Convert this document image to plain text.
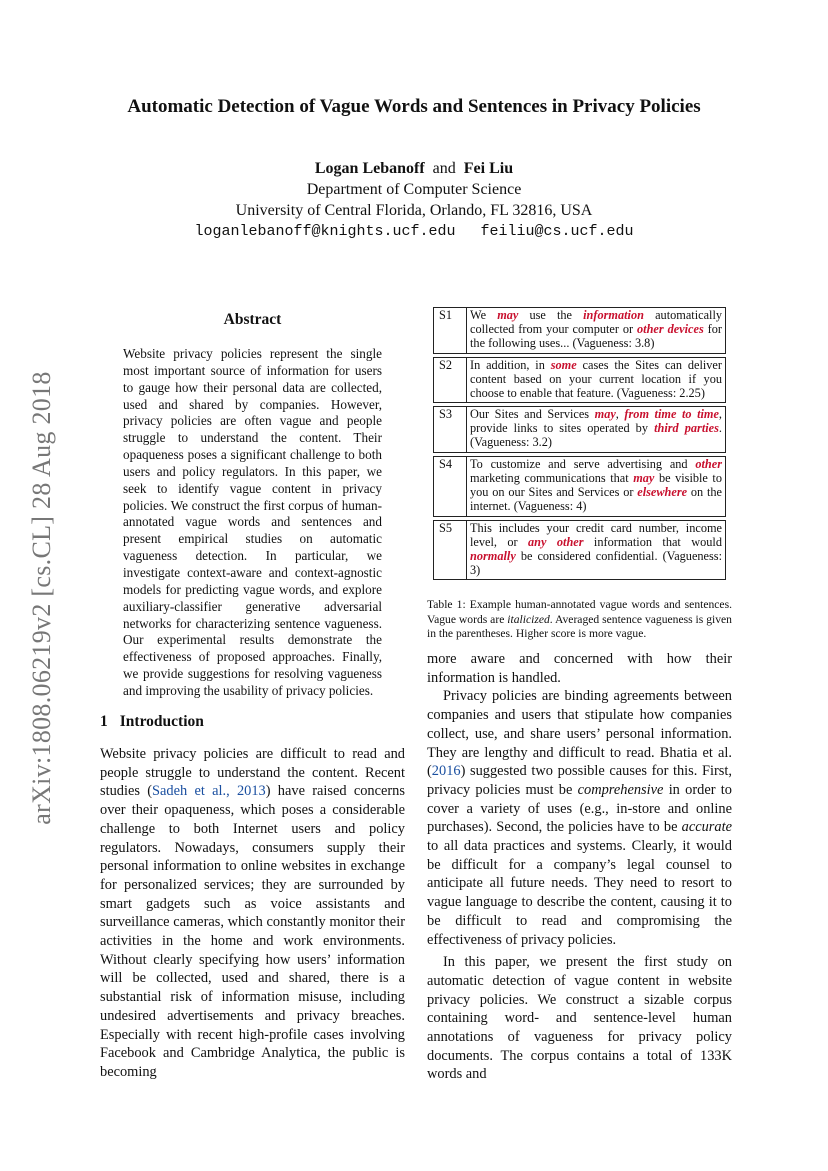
arXiv:1808.06219v2 [cs.CL] 28 Aug 2018
Automatic Detection of Vague Words and Sentences in Privacy Policies
Logan Lebanoff and Fei Liu
Department of Computer Science
University of Central Florida, Orlando, FL 32816, USA
loganlebanoff@knights.ucf.edu feiliu@cs.ucf.edu
Abstract
Website privacy policies represent the single most important source of information for users to gauge how their personal data are collected, used and shared by companies. However, privacy policies are often vague and people struggle to understand the content. Their opaqueness poses a significant challenge to both users and policy regulators. In this paper, we seek to identify vague content in privacy policies. We construct the first corpus of human-annotated vague words and sentences and present empirical studies on automatic vagueness detection. In particular, we investigate context-aware and context-agnostic models for predicting vague words, and explore auxiliary-classifier generative adversarial networks for characterizing sentence vagueness. Our experimental results demonstrate the effectiveness of proposed approaches. Finally, we provide suggestions for resolving vagueness and improving the usability of privacy policies.
1 Introduction
Website privacy policies are difficult to read and people struggle to understand the content. Recent studies (Sadeh et al., 2013) have raised concerns over their opaqueness, which poses a considerable challenge to both Internet users and policy regulators. Nowadays, consumers supply their personal information to online websites in exchange for personalized services; they are surrounded by smart gadgets such as voice assistants and surveillance cameras, which constantly monitor their activities in the home and work environments. Without clearly specifying how users’ information will be collected, used and shared, there is a substantial risk of information misuse, including undesired advertisements and privacy breaches. Especially with recent high-profile cases involving Facebook and Cambridge Analytica, the public is becoming
S1	We may use the information automatically collected from your computer or other devices for the following uses... (Vagueness: 3.8)

S2	In addition, in some cases the Sites can deliver content based on your current location if you choose to enable that feature. (Vagueness: 2.25)

S3	Our Sites and Services may, from time to time, provide links to sites operated by third parties. (Vagueness: 3.2)

S4	To customize and serve advertising and other marketing communications that may be visible to you on our Sites and Services or elsewhere on the internet. (Vagueness: 4)

S5	This includes your credit card number, income level, or any other information that would normally be considered confidential. (Vagueness: 3)
Table 1: Example human-annotated vague words and sentences. Vague words are italicized. Averaged sentence vagueness is given in the parentheses. Higher score is more vague.

more aware and concerned with how their information is handled.

Privacy policies are binding agreements between companies and users that stipulate how companies collect, use, and share users’ personal information. They are lengthy and difficult to read. Bhatia et al. (2016) suggested two possible causes for this. First, privacy policies must be comprehensive in order to cover a variety of uses (e.g., in-store and online purchases). Second, the policies have to be accurate to all data practices and systems. Clearly, it would be difficult for a company’s legal counsel to anticipate all future needs. They need to resort to vague language to describe the content, causing it to be difficult to read and compromising the effectiveness of privacy policies.

In this paper, we present the first study on automatic detection of vague content in website privacy policies. We construct a sizable corpus containing word- and sentence-level human annotations of vagueness for privacy policy documents. The corpus contains a total of 133K words and
